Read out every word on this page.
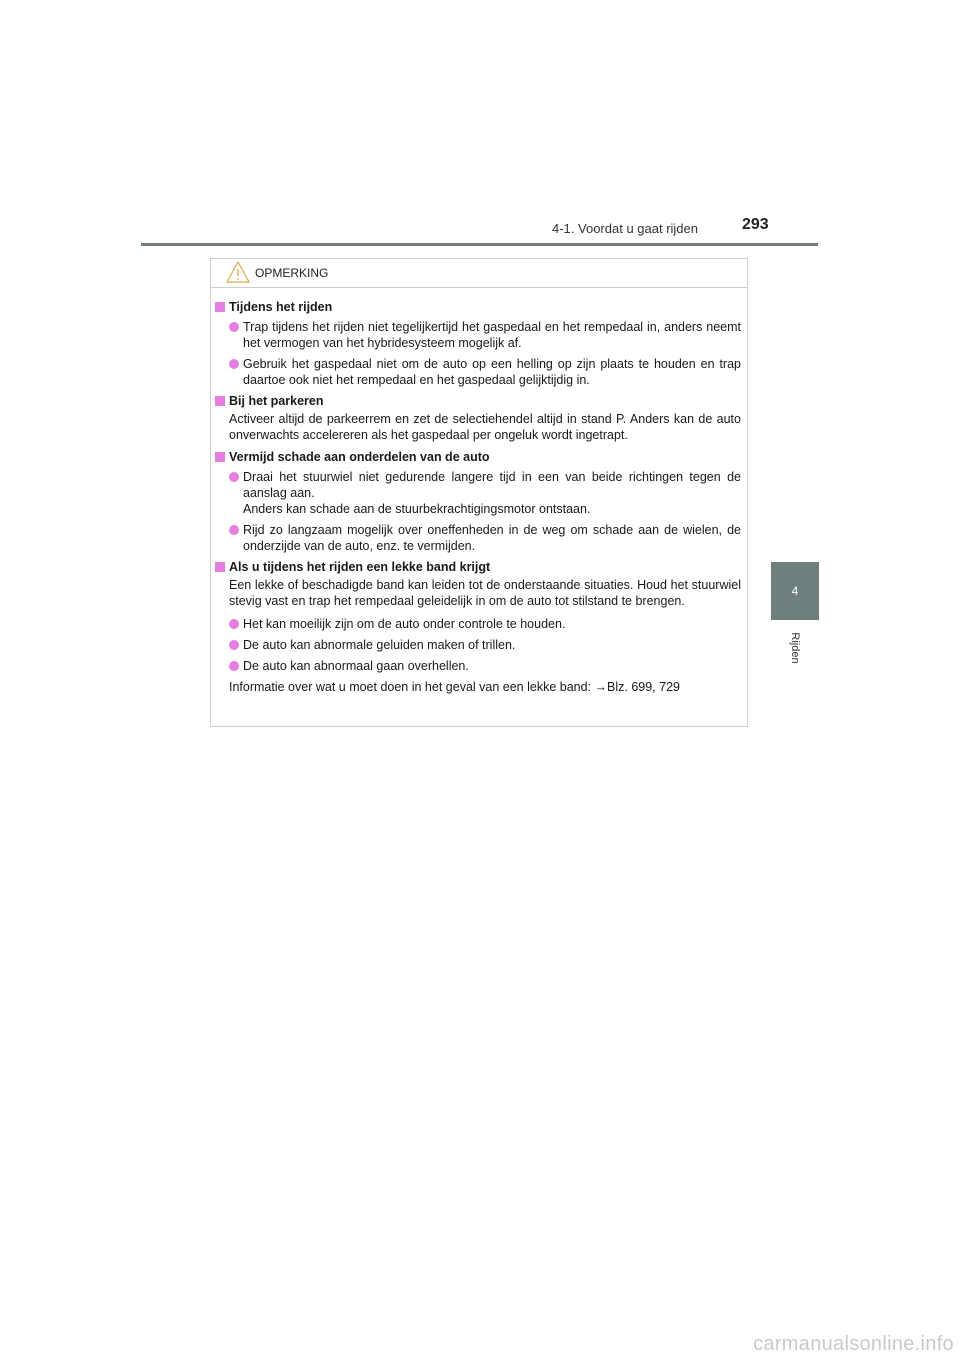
4-1. Voordat u gaat rijden	293
4
Rijden
OPMERKING
Tijdens het rijden
Trap tijdens het rijden niet tegelijkertijd het gaspedaal en het rempedaal in, anders neemt het vermogen van het hybridesysteem mogelijk af.
Gebruik het gaspedaal niet om de auto op een helling op zijn plaats te houden en trap daartoe ook niet het rempedaal en het gaspedaal gelijktijdig in.
Bij het parkeren
Activeer altijd de parkeerrem en zet de selectiehendel altijd in stand P. Anders kan de auto onverwachts accelereren als het gaspedaal per ongeluk wordt ingetrapt.
Vermijd schade aan onderdelen van de auto
Draai het stuurwiel niet gedurende langere tijd in een van beide richtingen tegen de aanslag aan.
Anders kan schade aan de stuurbekrachtigingsmotor ontstaan.
Rijd zo langzaam mogelijk over oneffenheden in de weg om schade aan de wielen, de onderzijde van de auto, enz. te vermijden.
Als u tijdens het rijden een lekke band krijgt
Een lekke of beschadigde band kan leiden tot de onderstaande situaties. Houd het stuurwiel stevig vast en trap het rempedaal geleidelijk in om de auto tot stilstand te brengen.
Het kan moeilijk zijn om de auto onder controle te houden.
De auto kan abnormale geluiden maken of trillen.
De auto kan abnormaal gaan overhellen.
Informatie over wat u moet doen in het geval van een lekke band: →Blz. 699, 729
carmanualsonline.info
